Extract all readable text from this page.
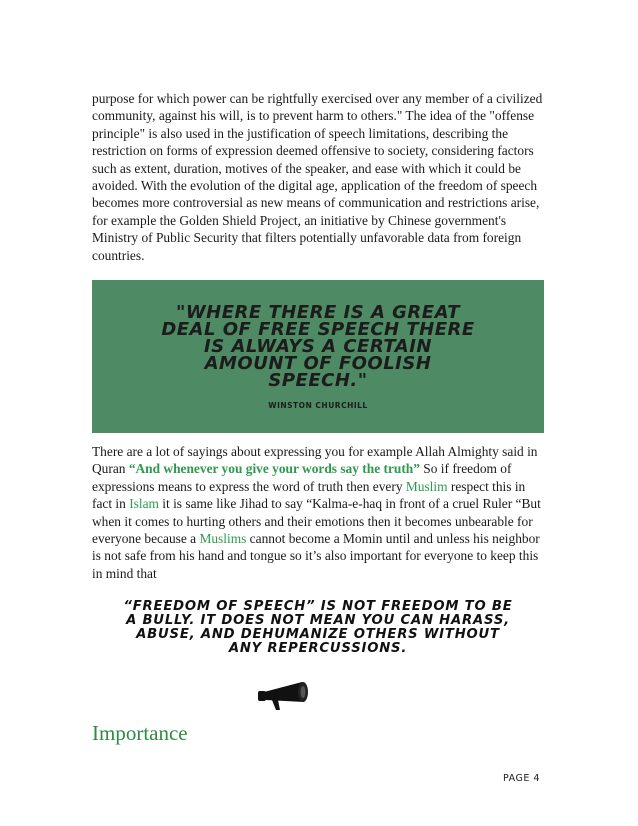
purpose for which power can be rightfully exercised over any member of a civilized community, against his will, is to prevent harm to others." The idea of the "offense principle" is also used in the justification of speech limitations, describing the restriction on forms of expression deemed offensive to society, considering factors such as extent, duration, motives of the speaker, and ease with which it could be avoided. With the evolution of the digital age, application of the freedom of speech becomes more controversial as new means of communication and restrictions arise, for example the Golden Shield Project, an initiative by Chinese government's Ministry of Public Security that filters potentially unfavorable data from foreign countries.

"WHERE THERE IS A GREAT DEAL OF FREE SPEECH THERE IS ALWAYS A CERTAIN AMOUNT OF FOOLISH SPEECH."
WINSTON CHURCHILL

There are a lot of sayings about expressing you for example Allah Almighty said in Quran “And whenever you give your words say the truth” So if freedom of expressions means to express the word of truth then every Muslim respect this in fact in Islam it is same like Jihad to say “Kalma-e-haq in front of a cruel Ruler “But when it comes to hurting others and their emotions then it becomes unbearable for everyone because a Muslims cannot become a Momin until and unless his neighbor is not safe from his hand and tongue so it’s also important for everyone to keep this in mind that

“FREEDOM OF SPEECH” IS NOT FREEDOM TO BE A BULLY. IT DOES NOT MEAN YOU CAN HARASS, ABUSE, AND DEHUMANIZE OTHERS WITHOUT ANY REPERCUSSIONS.
Importance
PAGE 4
